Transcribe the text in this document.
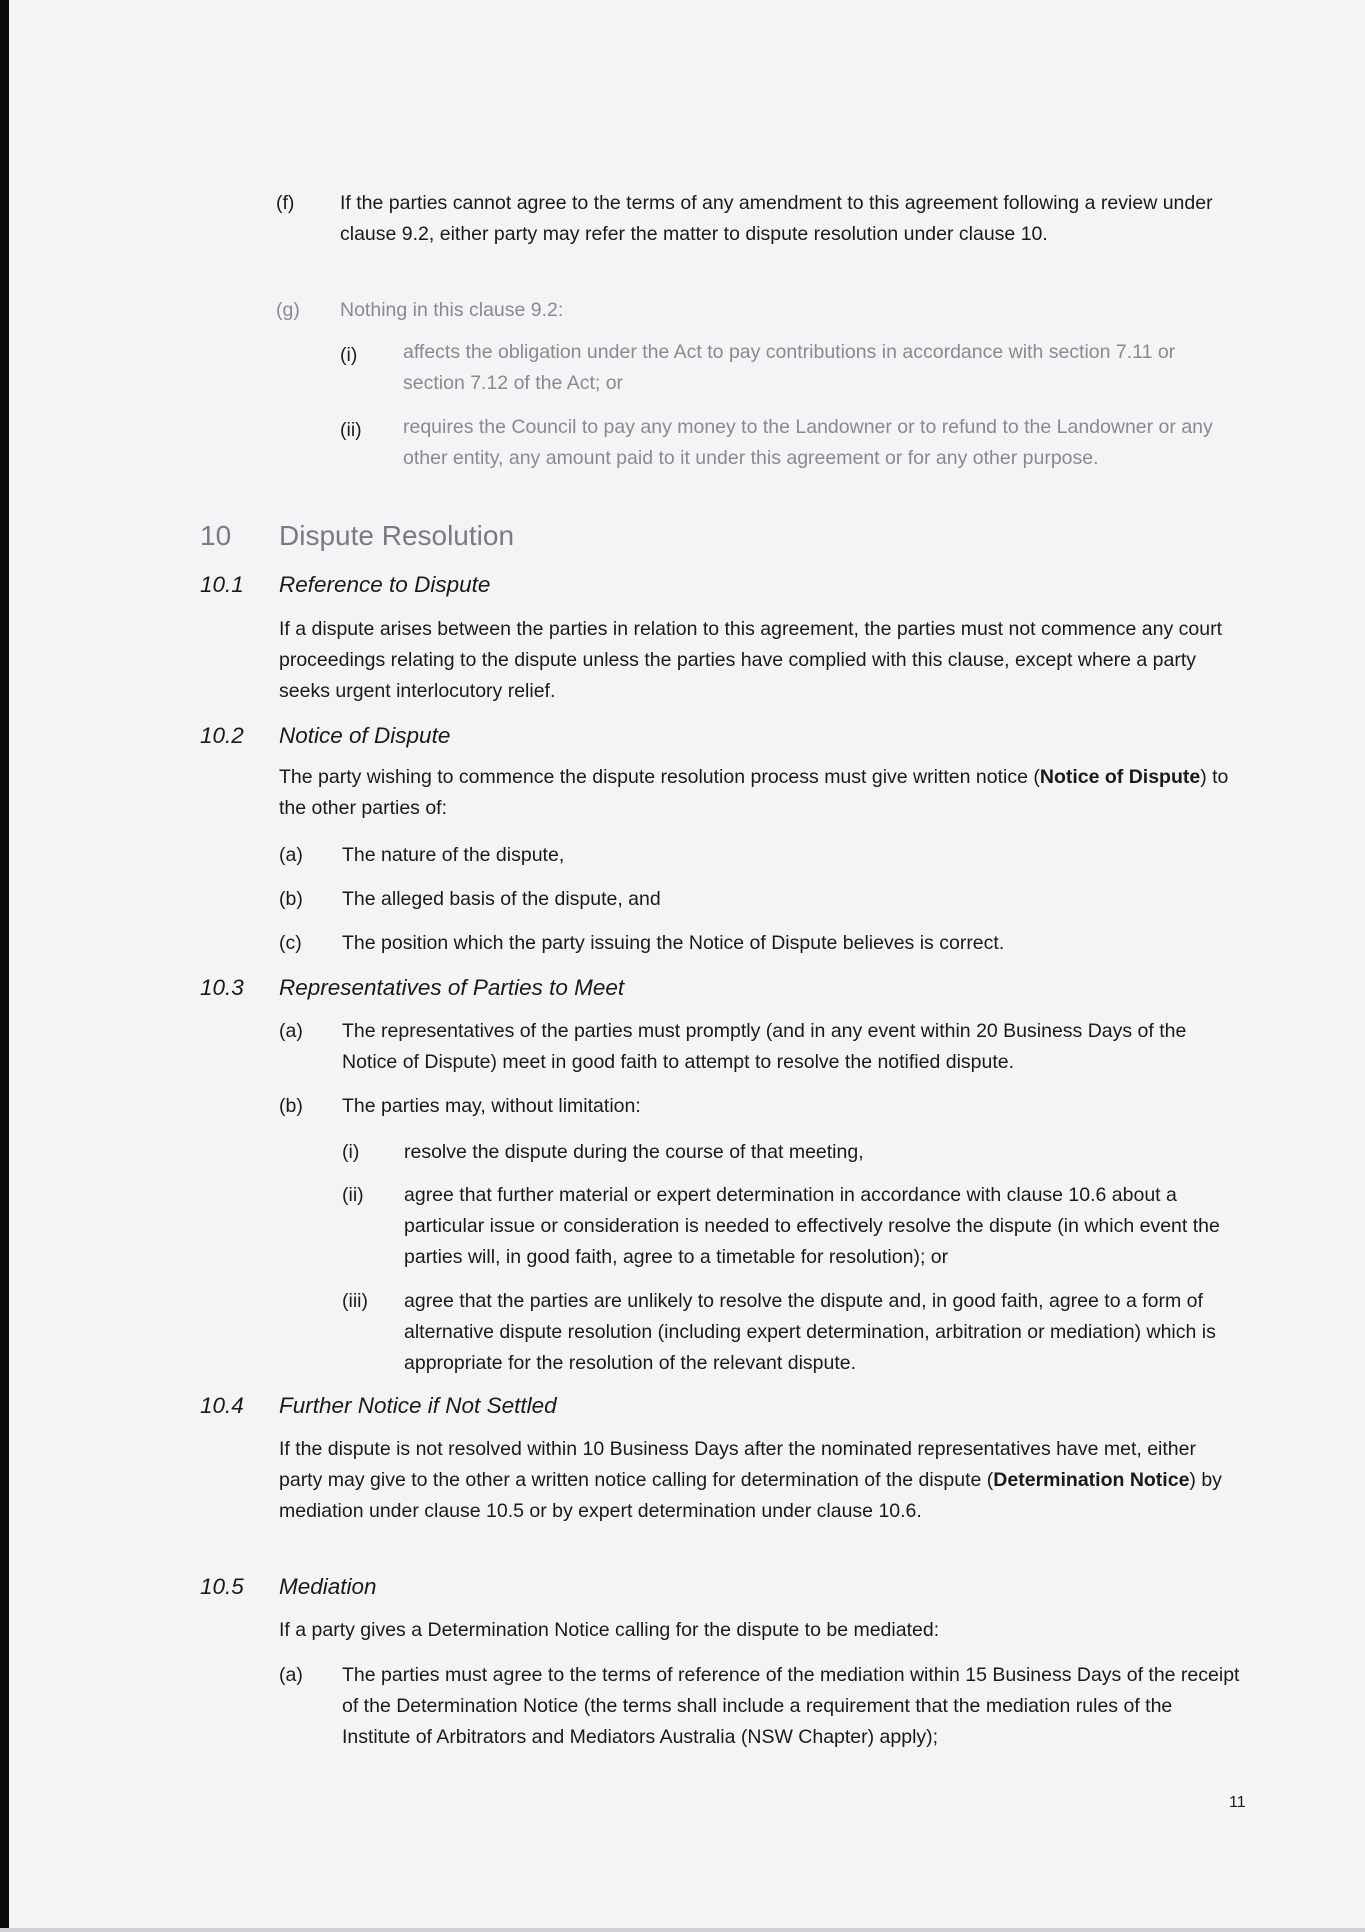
(f) If the parties cannot agree to the terms of any amendment to this agreement following a review under clause 9.2, either party may refer the matter to dispute resolution under clause 10.
(g) Nothing in this clause 9.2:
(i) affects the obligation under the Act to pay contributions in accordance with section 7.11 or section 7.12 of the Act; or
(ii) requires the Council to pay any money to the Landowner or to refund to the Landowner or any other entity, any amount paid to it under this agreement or for any other purpose.
10 Dispute Resolution
10.1 Reference to Dispute
If a dispute arises between the parties in relation to this agreement, the parties must not commence any court proceedings relating to the dispute unless the parties have complied with this clause, except where a party seeks urgent interlocutory relief.
10.2 Notice of Dispute
The party wishing to commence the dispute resolution process must give written notice (Notice of Dispute) to the other parties of:
(a) The nature of the dispute,
(b) The alleged basis of the dispute, and
(c) The position which the party issuing the Notice of Dispute believes is correct.
10.3 Representatives of Parties to Meet
(a) The representatives of the parties must promptly (and in any event within 20 Business Days of the Notice of Dispute) meet in good faith to attempt to resolve the notified dispute.
(b) The parties may, without limitation:
(i) resolve the dispute during the course of that meeting,
(ii) agree that further material or expert determination in accordance with clause 10.6 about a particular issue or consideration is needed to effectively resolve the dispute (in which event the parties will, in good faith, agree to a timetable for resolution); or
(iii) agree that the parties are unlikely to resolve the dispute and, in good faith, agree to a form of alternative dispute resolution (including expert determination, arbitration or mediation) which is appropriate for the resolution of the relevant dispute.
10.4 Further Notice if Not Settled
If the dispute is not resolved within 10 Business Days after the nominated representatives have met, either party may give to the other a written notice calling for determination of the dispute (Determination Notice) by mediation under clause 10.5 or by expert determination under clause 10.6.
10.5 Mediation
If a party gives a Determination Notice calling for the dispute to be mediated:
(a) The parties must agree to the terms of reference of the mediation within 15 Business Days of the receipt of the Determination Notice (the terms shall include a requirement that the mediation rules of the Institute of Arbitrators and Mediators Australia (NSW Chapter) apply);
11
